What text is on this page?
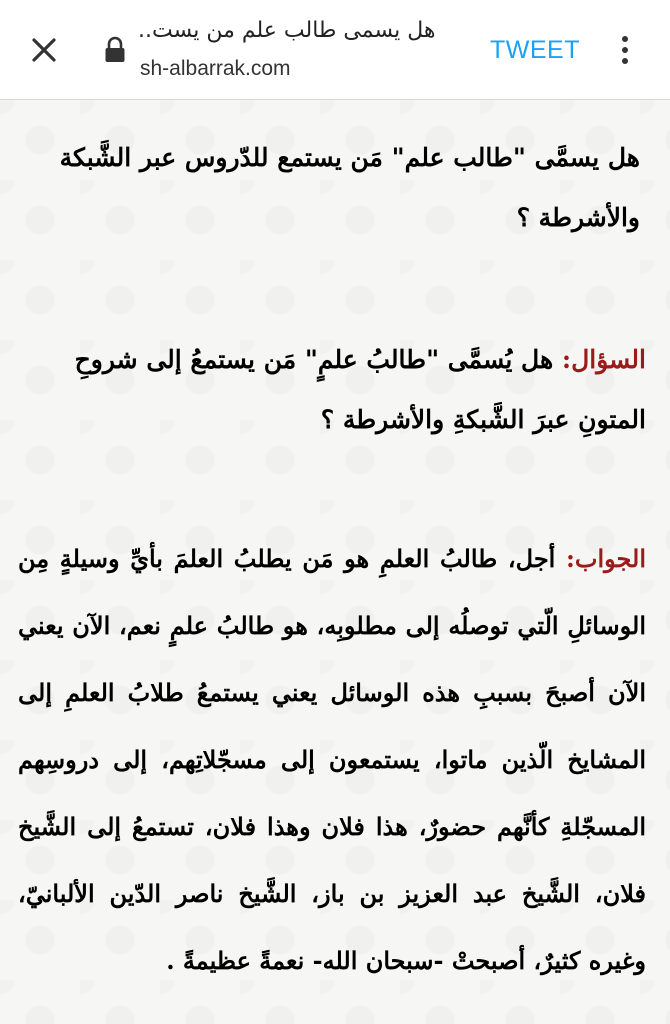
هل يسمى طالب علم من يست..
sh-albarrak.com
TWEET
هل يسمَّى "طالب علم" مَن يستمع للدّروس عبر الشَّبكة والأشرطة ؟
السؤال: هل يُسمَّى "طالبُ علمٍ" مَن يستمعُ إلى شروحِ المتونِ عبرَ الشَّبكةِ والأشرطة ؟
الجواب: أجل، طالبُ العلمِ هو مَن يطلبُ العلمَ بأيِّ وسيلةٍ مِن الوسائلِ الّتي توصلُه إلى مطلوبِه، هو طالبُ علمٍ نعم، الآن يعني الآن أصبحَ بسببِ هذه الوسائل يعني يستمعُ طلابُ العلمِ إلى المشايخ الّذين ماتوا، يستمعون إلى مسجّلاتِهم، إلى دروسِهم المسجّلةِ كأنَّهم حضورٌ، هذا فلان وهذا فلان، تستمعُ إلى الشَّيخ فلان، الشَّيخ عبد العزيز بن باز، الشَّيخ ناصر الدّين الألبانيّ، وغيره كثيرٌ، أصبحتْ -سبحان الله- نعمةً عظيمةً .
